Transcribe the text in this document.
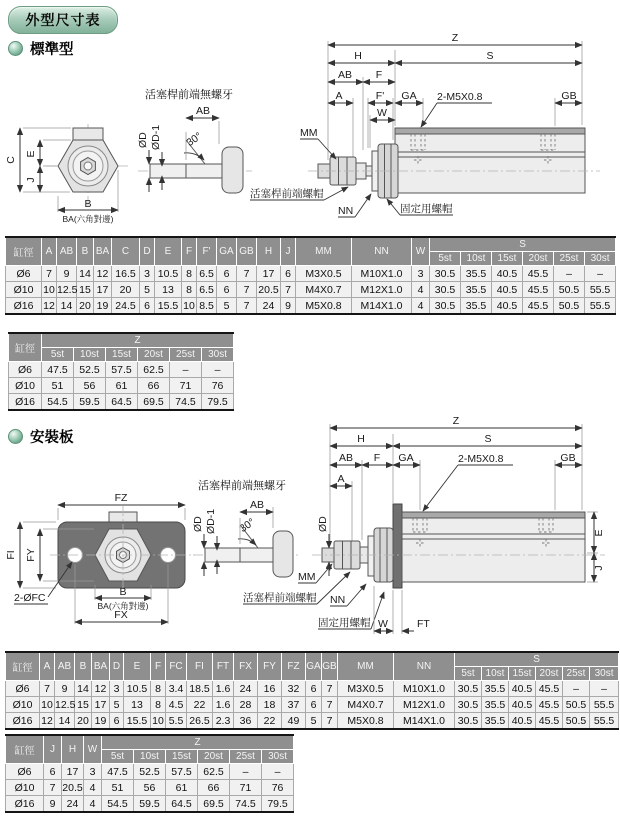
外型尺寸表
標準型
C
E
J
B
BA(六角對邊)
活塞桿前端無螺牙
30°
AB
ØD ØD-1
Z
H	S
AB F
A	F' GA	GB
2-M5X0.8
W
MM
活塞桿前端螺帽
NN	固定用螺帽
缸徑	A	AB	B	BA	C	D	E	F	F'	GA	GB	H	J	MM	NN	W	S					
																	5st	10st	15st	20st	25st	30st
Ø6	7	9	14	12	16.5	3	10.5	8	6.5	6	7	17	6	M3X0.5	M10X1.0	3	30.5	35.5	40.5	45.5	–	–
Ø10	10	12.5	15	17	20	5	13	8	6.5	6	7	20.5	7	M4X0.7	M12X1.0	4	30.5	35.5	40.5	45.5	50.5	55.5
Ø16	12	14	20	19	24.5	6	15.5	10	8.5	5	7	24	9	M5X0.8	M14X1.0	4	30.5	35.5	40.5	45.5	50.5	55.5
缸徑	Z					
	5st	10st	15st	20st	25st	30st
Ø6	47.5	52.5	57.5	62.5	–	–
Ø10	51	56	61	66	71	76
Ø16	54.5	59.5	64.5	69.5	74.5	79.5
安裝板
FZ
FI FY
2-ØFC	B
BA(六角對邊)
FX
活塞桿前端無螺牙
30°
AB
ØD ØD-1
Z
H	S
AB F GA	GB
2-M5X0.8
A
E
J
ØD
MM
活塞桿前端螺帽 NN
固定用螺帽 W	FT
缸徑	A	AB	B	BA	D	E	F	FC	FI	FT	FX	FY	FZ	GA	GB	MM	NN	S					
																		5st	10st	15st	20st	25st	30st
Ø6	7	9	14	12	3	10.5	8	3.4	18.5	1.6	24	16	32	6	7	M3X0.5	M10X1.0	30.5	35.5	40.5	45.5	–	–
Ø10	10	12.5	15	17	5	13	8	4.5	22	1.6	28	18	37	6	7	M4X0.7	M12X1.0	30.5	35.5	40.5	45.5	50.5	55.5
Ø16	12	14	20	19	6	15.5	10	5.5	26.5	2.3	36	22	49	5	7	M5X0.8	M14X1.0	30.5	35.5	40.5	45.5	50.5	55.5
缸徑	J	H	W	Z					
				5st	10st	15st	20st	25st	30st
Ø6	6	17	3	47.5	52.5	57.5	62.5	–	–
Ø10	7	20.5	4	51	56	61	66	71	76
Ø16	9	24	4	54.5	59.5	64.5	69.5	74.5	79.5
